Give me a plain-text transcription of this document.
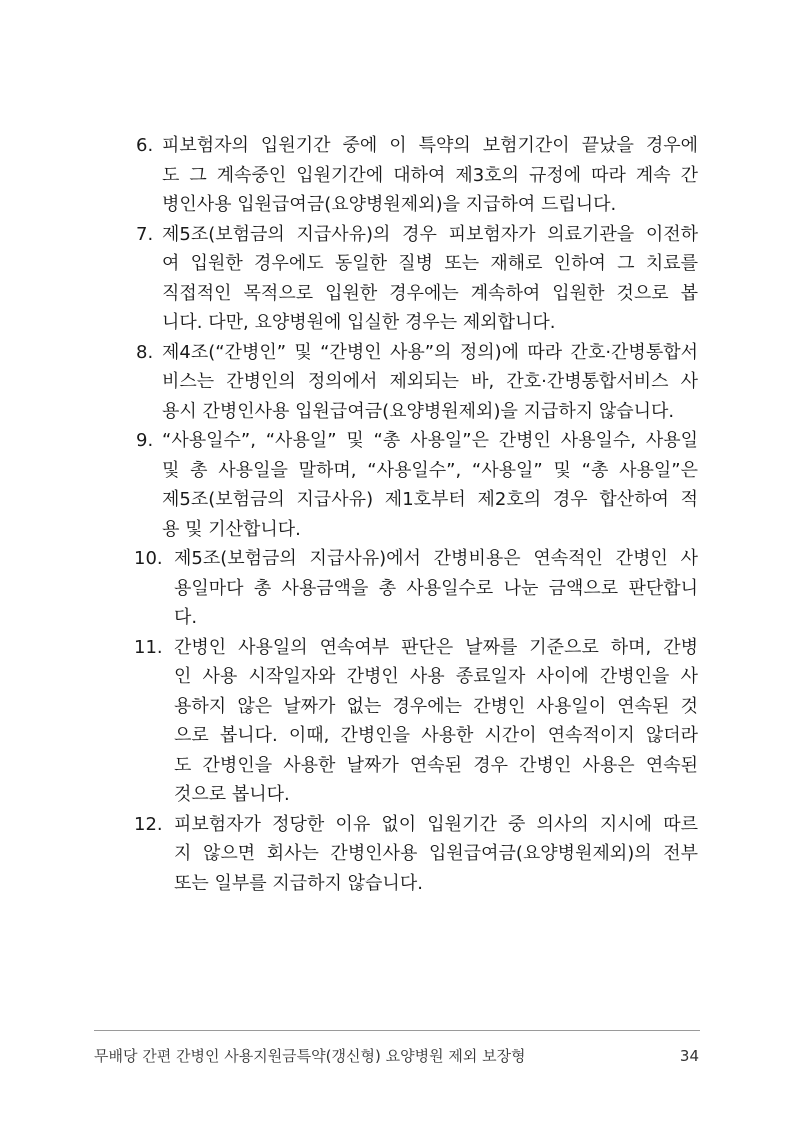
6. 피보험자의 입원기간 중에 이 특약의 보험기간이 끝났을 경우에
도 그 계속중인 입원기간에 대하여 제3호의 규정에 따라 계속 간
병인사용 입원급여금(요양병원제외)을 지급하여 드립니다.
7. 제5조(보험금의 지급사유)의 경우 피보험자가 의료기관을 이전하
여 입원한 경우에도 동일한 질병 또는 재해로 인하여 그 치료를
직접적인 목적으로 입원한 경우에는 계속하여 입원한 것으로 봅
니다. 다만, 요양병원에 입실한 경우는 제외합니다.
8. 제4조(“간병인” 및 “간병인 사용”의 정의)에 따라 간호·간병통합서
비스는 간병인의 정의에서 제외되는 바, 간호·간병통합서비스 사
용시 간병인사용 입원급여금(요양병원제외)을 지급하지 않습니다.
9. “사용일수”, “사용일” 및 “총 사용일”은 간병인 사용일수, 사용일
및 총 사용일을 말하며, “사용일수”, “사용일” 및 “총 사용일”은
제5조(보험금의 지급사유) 제1호부터 제2호의 경우 합산하여 적
용 및 기산합니다.
10. 제5조(보험금의 지급사유)에서 간병비용은 연속적인 간병인 사
용일마다 총 사용금액을 총 사용일수로 나눈 금액으로 판단합니
다.
11. 간병인 사용일의 연속여부 판단은 날짜를 기준으로 하며, 간병
인 사용 시작일자와 간병인 사용 종료일자 사이에 간병인을 사
용하지 않은 날짜가 없는 경우에는 간병인 사용일이 연속된 것
으로 봅니다. 이때, 간병인을 사용한 시간이 연속적이지 않더라
도 간병인을 사용한 날짜가 연속된 경우 간병인 사용은 연속된
것으로 봅니다.
12. 피보험자가 정당한 이유 없이 입원기간 중 의사의 지시에 따르
지 않으면 회사는 간병인사용 입원급여금(요양병원제외)의 전부
또는 일부를 지급하지 않습니다.
무배당 간편 간병인 사용지원금특약(갱신형) 요양병원 제외 보장형	34
